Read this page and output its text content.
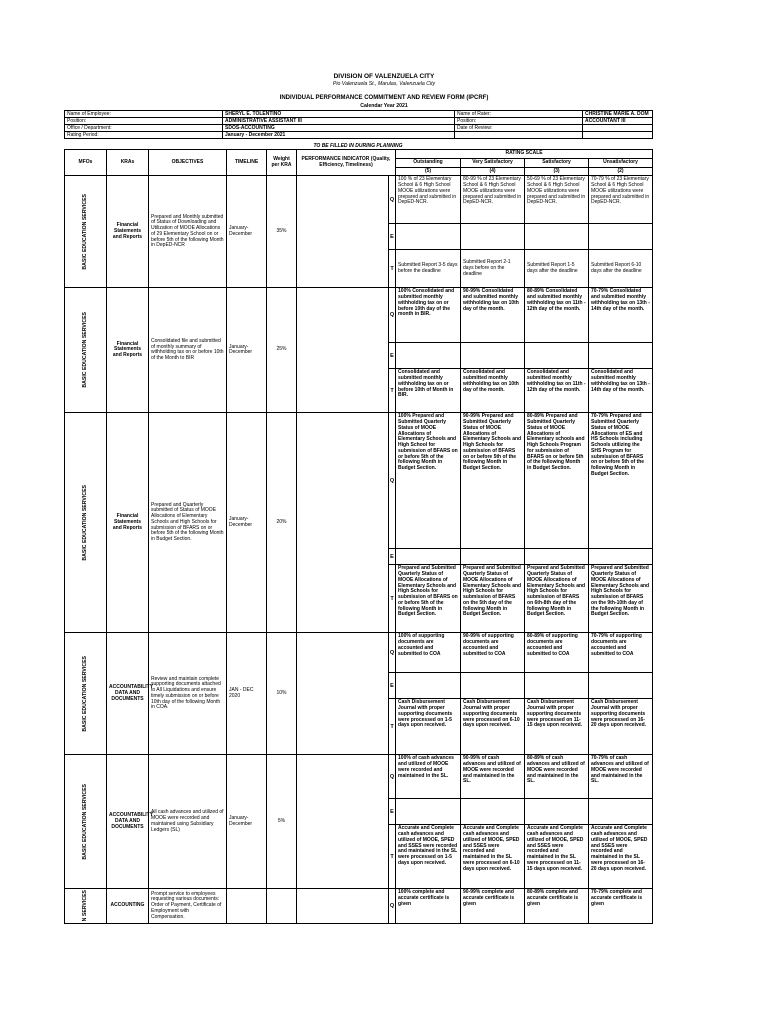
DIVISION OF VALENZUELA CITY
Pio Valenzuela St., Marulas, Valenzuela City
INDIVIDUAL PERFORMANCE COMMITMENT AND REVIEW FORM (IPCRF)
Calendar Year 2021
Name of Employee:	SHERYL E. TOLENTINO	Name of Rater:	CHRISTINE MARIE A. DOM
Position:	ADMINISTRATIVE ASSISTANT III	Position:	ACCOUNTANT III
Office / Department:	SDOS-ACCOUNTING	Date of Review:	
Rating Period:	January - December 2021		
TO BE FILLED IN DURING PLANNING
MFOs	KRAs	OBJECTIVES	TIMELINE	Weight per KRA	PERFORMANCE INDICATOR (Quality, Efficiency, Timeliness)		RATING SCALE			
							Outstanding	Very Satisfactory	Satisfactory	Unsatisfactory
							(5)	(4)	(3)	(2)

BASIC EDUCATION SERVICES	Financial Statements and Reports	Prepared and Monthly submitted of Status of Downloading and Utilization of MOOE Allocations of 29 Elementary School on or before 5th of the following Month in DepED-NCR	January-December	35%		Q	100 % of 23 Elementary School & 6 High School MOOE utilizations were prepared and submitted in DepED-NCR.	80-99 % of 23 Elementary School & 6 High School MOOE utilizations were prepared and submitted in DepED-NCR.	50-69 % of 23 Elementary School & 6 High School MOOE utilizations were prepared and submitted in DepED-NCR.	70-79 % of 23 Elementary School & 6 High School MOOE utilizations were prepared and submitted in DepED-NCR.
						E				
						T	Submitted Report 3-5 days before the deadline	Submitted Report 2-1 days before on the deadline	Submitted Report 1-5 days after the deadline	Submitted Report 6-10 days after the deadline

BASIC EDUCATION SERVICES	Financial Statements and Reports	Consolidated file and submitted of monthly summary of withholding tax on or before 10th of the Month to BIR	January-December	25%		Q	100% Consolidated and submitted monthly withholding tax on or before 10th day of the month in BIR.	90-99% Consolidated and submitted monthly withholding tax on 10th day of the month.	80-89% Consolidated and submitted monthly withholding tax on 11th - 12th day of the month.	70-79% Consolidated and submitted monthly withholding tax on 13th - 14th day of the month.
						E				
						T	Consolidated and submitted monthly withholding tax on or before 10th of Month in BIR.	Consolidated and submitted monthly withholding tax on 10th day of the month.	Consolidated and submitted monthly withholding tax on 11th - 12th day of the month.	Consolidated and submitted monthly withholding tax on 13th - 14th day of the month.

BASIC EDUCATION SERVICES	Financial Statements and Reports	Prepared and Quarterly submitted of Status of MOOE Allocations of Elementary Schools and High Schools for submission of BFARS on or before 5th of the following Month in Budget Section.	January-December	20%		Q	100% Prepared and Submitted Quarterly Status of MOOE Allocations of Elementary Schools and High School for submission of BFARS on or before 5th of the following Month in Budget Section.	90-99% Prepared and Submitted Quarterly Status of MOOE Allocations of Elementary Schools and High Schools for submission of BFARS on or before 5th of the following Month in Budget Section.	80-89% Prepared and Submitted Quarterly Status of MOOE Allocations of Elementary schools and High Schools Program for submission of BFARS on or before 5th of the following Month in Budget Section.	70-79% Prepared and Submitted Quarterly Status of MOOE Allocations of ES and HS Schools including Schools utilizing the SHS Program for submission of BFARS on or before 5th of the following Month in Budget Section.
						E				
						T	Prepared and Submitted Quarterly Status of MOOE Allocations of Elementary Schools and High Schools for submission of BFARS on or before 5th of the following Month in Budget Section.	Prepared and Submitted Quarterly Status of MOOE Allocations of Elementary Schools and High Schools for submission of BFARS on the 5th day of the following Month in Budget Section.	Prepared and Submitted Quarterly Status of MOOE Allocations of Elementary Schools and High Schools for submission of BFARS on 6th-8th day of the following Month in Budget Section.	Prepared and Submitted Quarterly Status of MOOE Allocations of Elementary Schools and High Schools for submission of BFARS on the 9th-10th day of the following Month in Budget Section.

BASIC EDUCATION SERVICES	ACCOUNTABILITY DATA AND DOCUMENTS	Review and maintain complete supporting documents attached to All Liquidations and ensure timely submission on or before 10th day of the following Month in COA.	JAN - DEC 2020	10%		Q	100% of supporting documents are accounted and submitted to COA	90-99% of supporting documents are accounted and submitted to COA	80-89% of supporting documents are accounted and submitted to COA	70-79% of supporting documents are accounted and submitted to COA
						E				
						T	Cash Disbursement Journal with proper supporting documents were processed on 1-5 days upon received.	Cash Disbursement Journal with proper supporting documents were processed on 6-10 days upon received.	Cash Disbursement Journal with proper supporting documents were processed on 11-15 days upon received.	Cash Disbursement Journal with proper supporting documents were processed on 16-20 days upon received.

BASIC EDUCATION SERVICES	ACCOUNTABILITY DATA AND DOCUMENTS	All cash advances and utilized of MOOE were recorded and maintained using Subsidiary Ledgers (SL)	January-December	5%		Q	100% of cash advances and utilized of MOOE were recorded and maintained in the SL.	90-99% of cash advances and utilized of MOOE were recorded and maintained in the SL.	80-89% of cash advances and utilized of MOOE were recorded and maintained in the SL.	70-79% of cash advances and utilized of MOOE were recorded and maintained in the SL.
						E				
						T	Accurate and Complete cash advances and utilized of MOOE, SPED and SSES were recorded and maintained in the SL were processed on 1-5 days upon received.	Accurate and Complete cash advances and utilized of MOOE, SPED and SSES were recorded and maintained in the SL were processed on 6-10 days upon received.	Accurate and Complete cash advances and utilized of MOOE, SPED and SSES were recorded and maintained in the SL were processed on 11-15 days upon received.	Accurate and Complete cash advances and utilized of MOOE, SPED and SSES were recorded and maintained in the SL were processed on 16-20 days upon received.

N SERVICES	ACCOUNTING	Prompt service to employees requesting various documents: Order of Payment, Certificate of Employment with Compensation.				Q	100% complete and accurate certificate is given	90-99% complete and accurate certificate is given	80-89% complete and accurate certificate is given	70-79% complete and accurate certificate is given
